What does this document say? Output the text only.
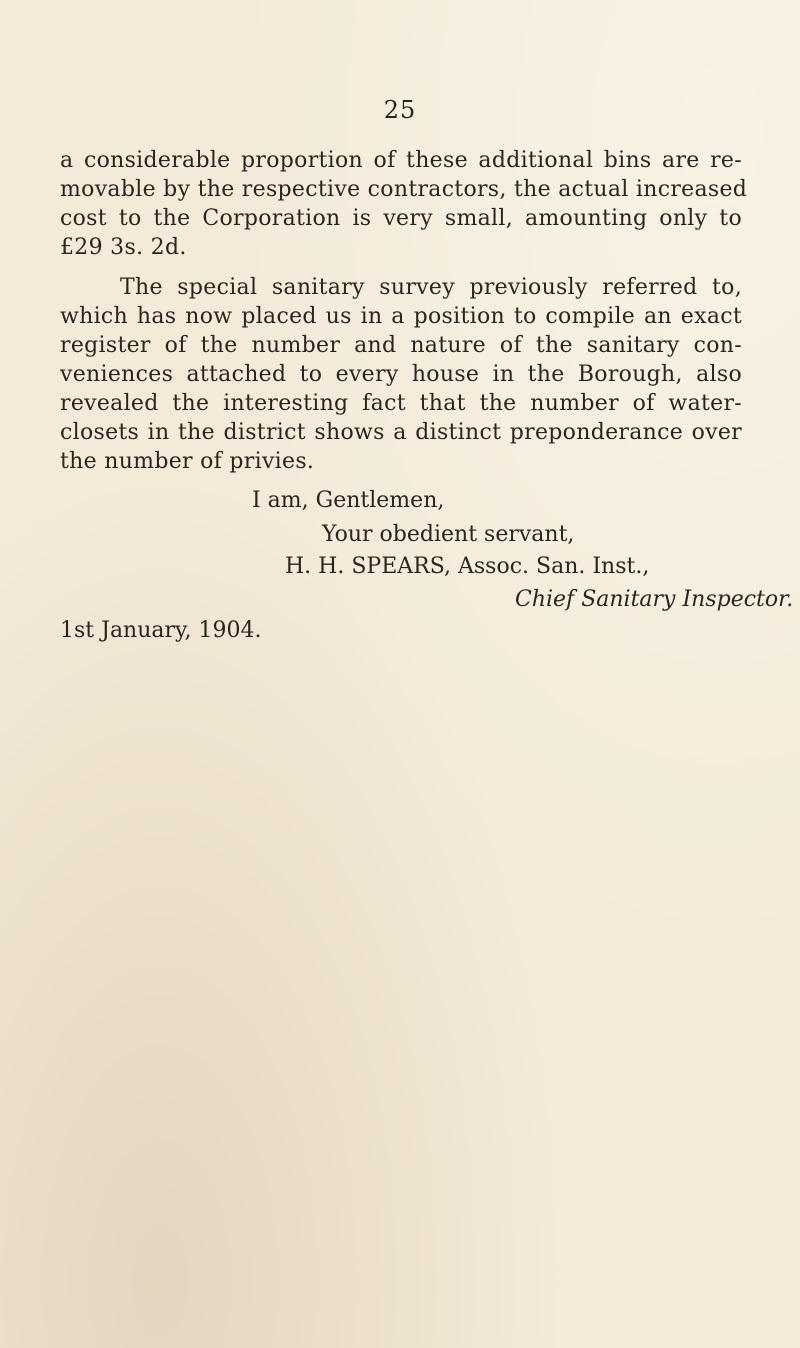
25
a considerable proportion of these additional bins are re-
movable by the respective contractors, the actual increased
cost to the Corporation is very small, amounting only to
£29 3s. 2d.
The special sanitary survey previously referred to,
which has now placed us in a position to compile an exact
register of the number and nature of the sanitary con-
veniences attached to every house in the Borough, also
revealed the interesting fact that the number of water-
closets in the district shows a distinct preponderance over
the number of privies.
I am, Gentlemen,
Your obedient servant,
H. H. SPEARS, Assoc. San. Inst.,
Chief Sanitary Inspector.
1st January, 1904.
